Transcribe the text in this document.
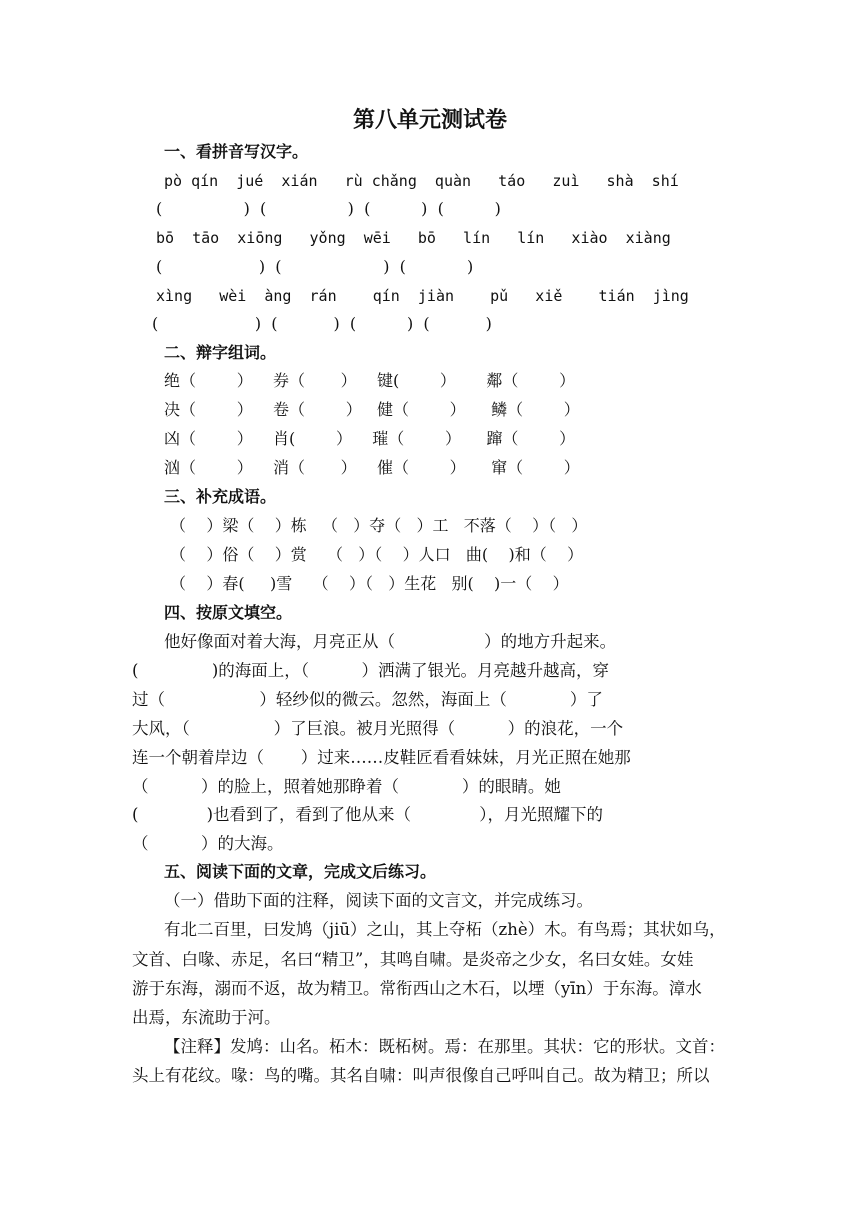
第八单元测试卷
一、看拼音写汉字。
pò qín  jué  xián   rù chǎng  quàn   táo   zuì   shà  shí
(                )  (                )  (          )  (          )
bō  tāo  xiōng   yǒng  wēi   bō   lín   lín   xiào  xiàng
(                   )  (                    )  (            )
xìng   wèi  àng  rán    qín  jiàn    pǔ   xiě    tián  jìng
(                   )  (           )  (          )  (           )
二、辩字组词。
绝（        ）    券（       ）    键(        ）      鄰（        ）
决（        ）    卷（        ）   健（        ）     鳞（        ）
凶（        ）    肖(        ）    璀（        ）     蹿（        ）
汹（        ）    消（       ）    催（        ）     窜（        ）
三、补充成语。
（    ）梁（    ）栋   （   ）夺（   ）工   不落（    ）（   ）
（    ）俗（    ）赏    （   ）（    ）人口   曲(    )和（    ）
（    ）春(     )雪    （    ）（   ）生花   别(    )一（    ）
四、按原文填空。
他好像面对着大海，月亮正从（                 ）的地方升起来。
(              )的海面上，（          ）洒满了银光。月亮越升越高，穿
过（                  ）轻纱似的微云。忽然，海面上（            ）了
大风，（                ）了巨浪。被月光照得（          ）的浪花，一个
连一个朝着岸边（       ）过来……皮鞋匠看看妹妹，月光正照在她那
（          ）的脸上，照着她那睁着（            ）的眼睛。她
(             )也看到了，看到了他从来（             ），月光照耀下的
（          ）的大海。
五、阅读下面的文章，完成文后练习。
（一）借助下面的注释，阅读下面的文言文，并完成练习。
有北二百里，曰发鸠（jiū）之山，其上夺柘（zhè）木。有鸟焉；其状如乌，
文首、白喙、赤足，名曰“精卫”，其鸣自啸。是炎帝之少女，名曰女娃。女娃
游于东海，溺而不返，故为精卫。常衔西山之木石，以堙（yīn）于东海。漳水
出焉，东流助于河。
【注释】发鸠：山名。柘木：既柘树。焉：在那里。其状：它的形状。文首：
头上有花纹。喙：鸟的嘴。其名自啸：叫声很像自己呼叫自己。故为精卫；所以
